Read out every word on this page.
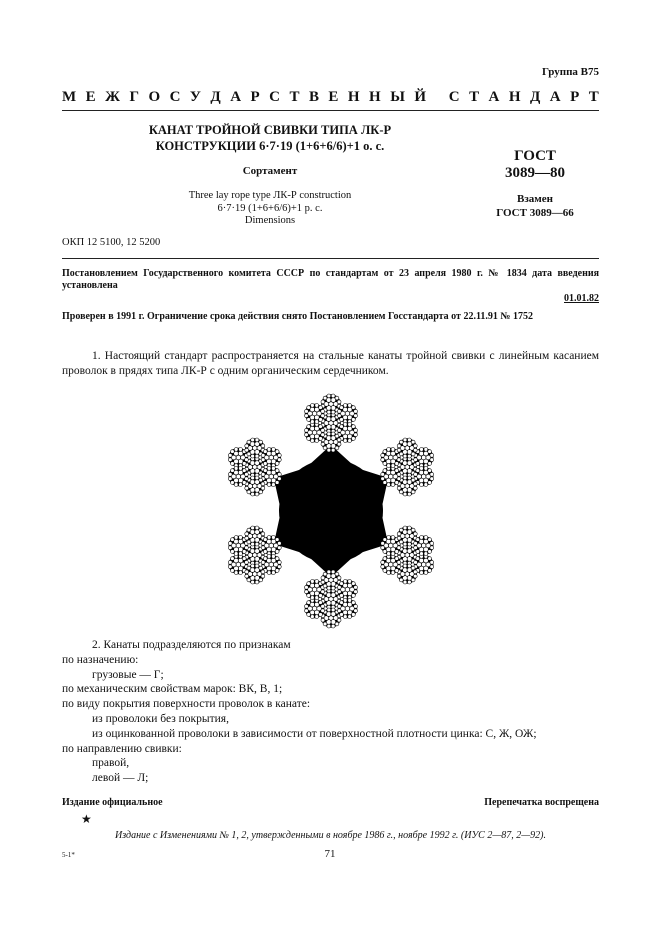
Группа В75
М Е Ж Г О С У Д А Р С Т В Е Н Н Ы Й
С Т А Н Д А Р Т
КАНАТ ТРОЙНОЙ СВИВКИ ТИПА ЛК-Р
КОНСТРУКЦИИ 6·7·19 (1+6+6/6)+1 о. с.
Сортамент
Three lay rope type ЛК-Р construction
6·7·19 (1+6+6/6)+1 p. c.
Dimensions
ГОСТ
3089—80
Взамен
ГОСТ 3089—66
ОКП 12 5100, 12 5200
Постановлением Государственного комитета СССР по стандартам от 23 апреля 1980 г. № 1834 дата введения установлена
01.01.82
Проверен в 1991 г. Ограничение срока действия снято Постановлением Госстандарта от 22.11.91 № 1752
1. Настоящий стандарт распространяется на стальные канаты тройной свивки с линейным касанием проволок в прядях типа ЛК-Р с одним органическим сердечником.
2. Канаты подразделяются по признакам
по назначению:
грузовые — Г;
по механическим свойствам марок: ВК, В, 1;
по виду покрытия поверхности проволок в канате:
из проволоки без покрытия,
из оцинкованной проволоки в зависимости от поверхностной плотности цинка: С, Ж, ОЖ;
по направлению свивки:
правой,
левой — Л;
Издание официальное	Перепечатка воспрещена
★
Издание с Изменениями № 1, 2, утвержденными в ноябре 1986 г., ноябре 1992 г. (ИУС 2—87, 2—92).
71
5-1*
